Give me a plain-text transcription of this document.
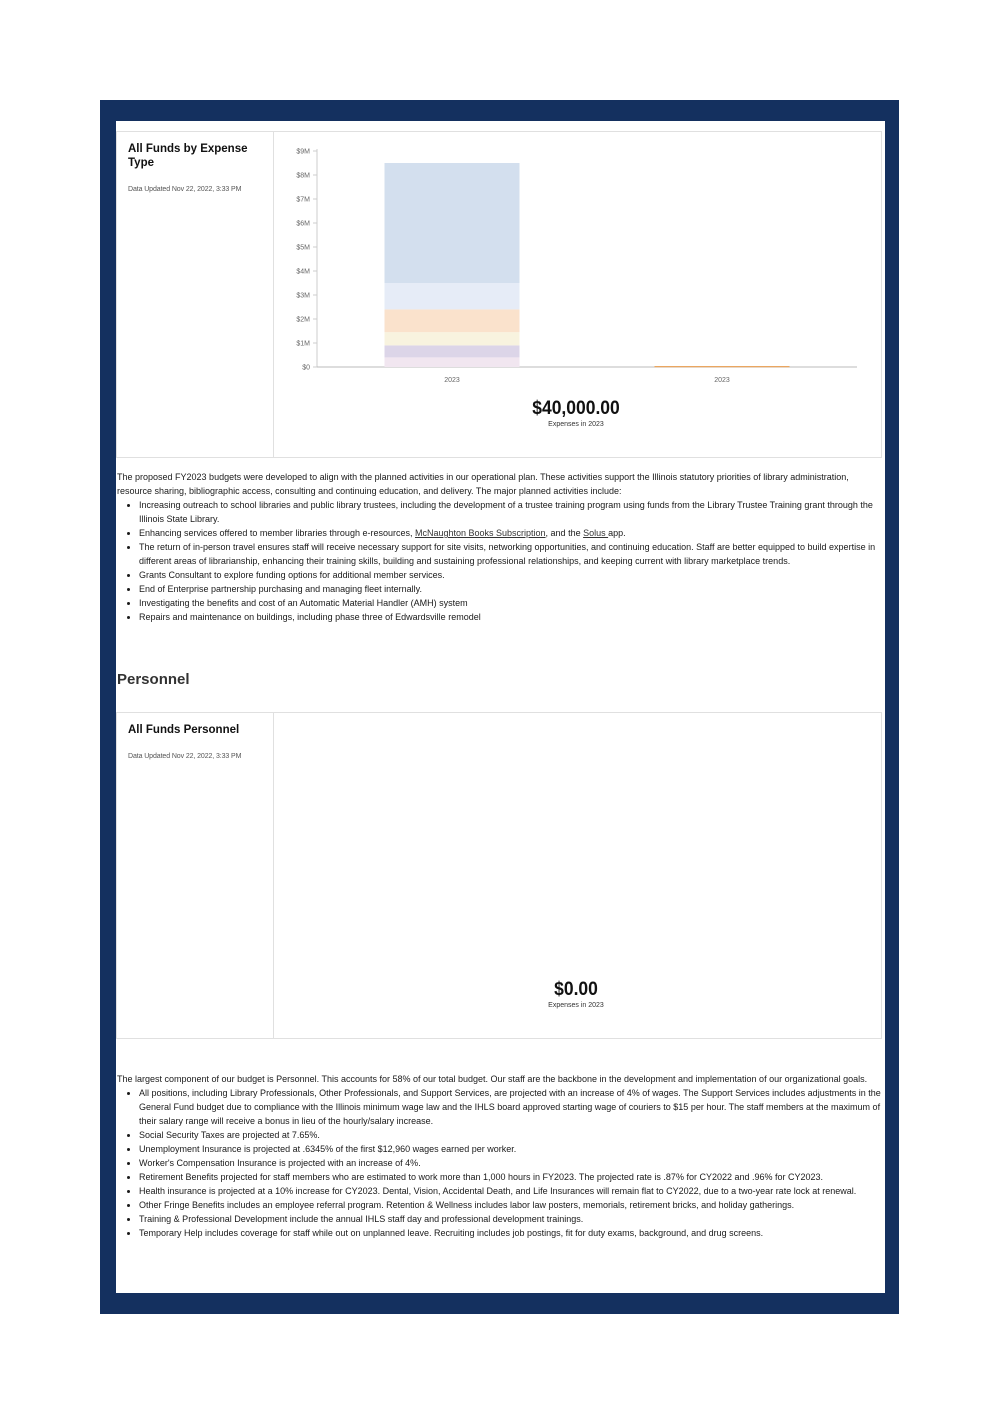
All Funds by Expense Type
Data Updated Nov 22, 2022, 3:33 PM
$0
$1M
$2M
$3M
$4M
$5M
$6M
$7M
$8M
$9M
2023	2023
$40,000.00
Expenses in 2023

The proposed FY2023 budgets were developed to align with the planned activities in our operational plan. These activities support the Illinois statutory priorities of library administration, resource sharing, bibliographic access, consulting and continuing education, and delivery. The major planned activities include:

• Increasing outreach to school libraries and public library trustees, including the development of a trustee training program using funds from the Library Trustee Training grant through the Illinois State Library.
• Enhancing services offered to member libraries through e-resources, McNaughton Books Subscription, and the Solus app.
• The return of in-person travel ensures staff will receive necessary support for site visits, networking opportunities, and continuing education. Staff are better equipped to build expertise in different areas of librarianship, enhancing their training skills, building and sustaining professional relationships, and keeping current with library marketplace trends.
• Grants Consultant to explore funding options for additional member services.
• End of Enterprise partnership purchasing and managing fleet internally.
• Investigating the benefits and cost of an Automatic Material Handler (AMH) system
• Repairs and maintenance on buildings, including phase three of Edwardsville remodel
Personnel
All Funds Personnel
Data Updated Nov 22, 2022, 3:33 PM
$0.00
Expenses in 2023

The largest component of our budget is Personnel. This accounts for 58% of our total budget. Our staff are the backbone in the development and implementation of our organizational goals.

• All positions, including Library Professionals, Other Professionals, and Support Services, are projected with an increase of 4% of wages. The Support Services includes adjustments in the General Fund budget due to compliance with the Illinois minimum wage law and the IHLS board approved starting wage of couriers to $15 per hour. The staff members at the maximum of their salary range will receive a bonus in lieu of the hourly/salary increase.
• Social Security Taxes are projected at 7.65%.
• Unemployment Insurance is projected at .6345% of the first $12,960 wages earned per worker.
• Worker's Compensation Insurance is projected with an increase of 4%.
• Retirement Benefits projected for staff members who are estimated to work more than 1,000 hours in FY2023. The projected rate is .87% for CY2022 and .96% for CY2023.
• Health insurance is projected at a 10% increase for CY2023. Dental, Vision, Accidental Death, and Life Insurances will remain flat to CY2022, due to a two-year rate lock at renewal.
• Other Fringe Benefits includes an employee referral program. Retention & Wellness includes labor law posters, memorials, retirement bricks, and holiday gatherings.
• Training & Professional Development include the annual IHLS staff day and professional development trainings.
• Temporary Help includes coverage for staff while out on unplanned leave. Recruiting includes job postings, fit for duty exams, background, and drug screens.
